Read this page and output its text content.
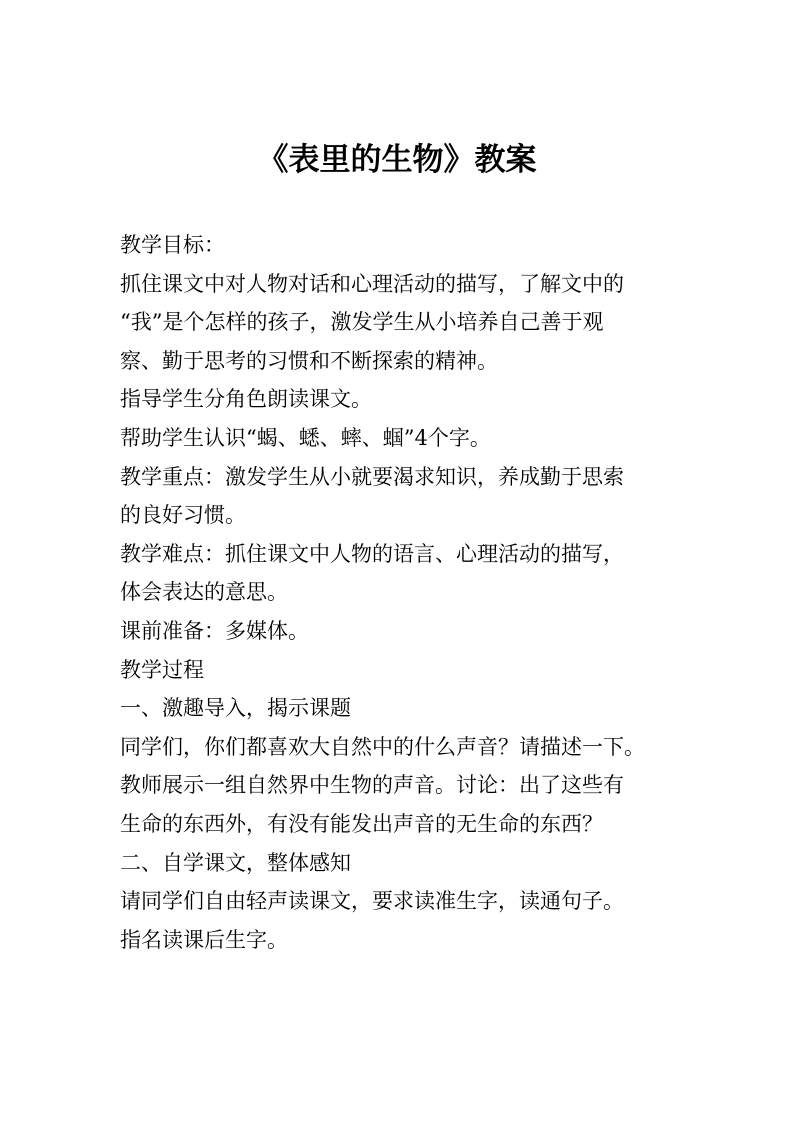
《表里的生物》教案
教学目标：
抓住课文中对人物对话和心理活动的描写，了解文中的
“我”是个怎样的孩子，激发学生从小培养自己善于观
察、勤于思考的习惯和不断探索的精神。
指导学生分角色朗读课文。
帮助学生认识“蝎、蟋、蟀、蝈”4个字。
教学重点：激发学生从小就要渴求知识，养成勤于思索
的良好习惯。
教学难点：抓住课文中人物的语言、心理活动的描写，
体会表达的意思。
课前准备：多媒体。
教学过程
一、激趣导入，揭示课题
同学们，你们都喜欢大自然中的什么声音？请描述一下。
教师展示一组自然界中生物的声音。讨论：出了这些有
生命的东西外，有没有能发出声音的无生命的东西？
二、自学课文，整体感知
请同学们自由轻声读课文，要求读准生字，读通句子。
指名读课后生字。
